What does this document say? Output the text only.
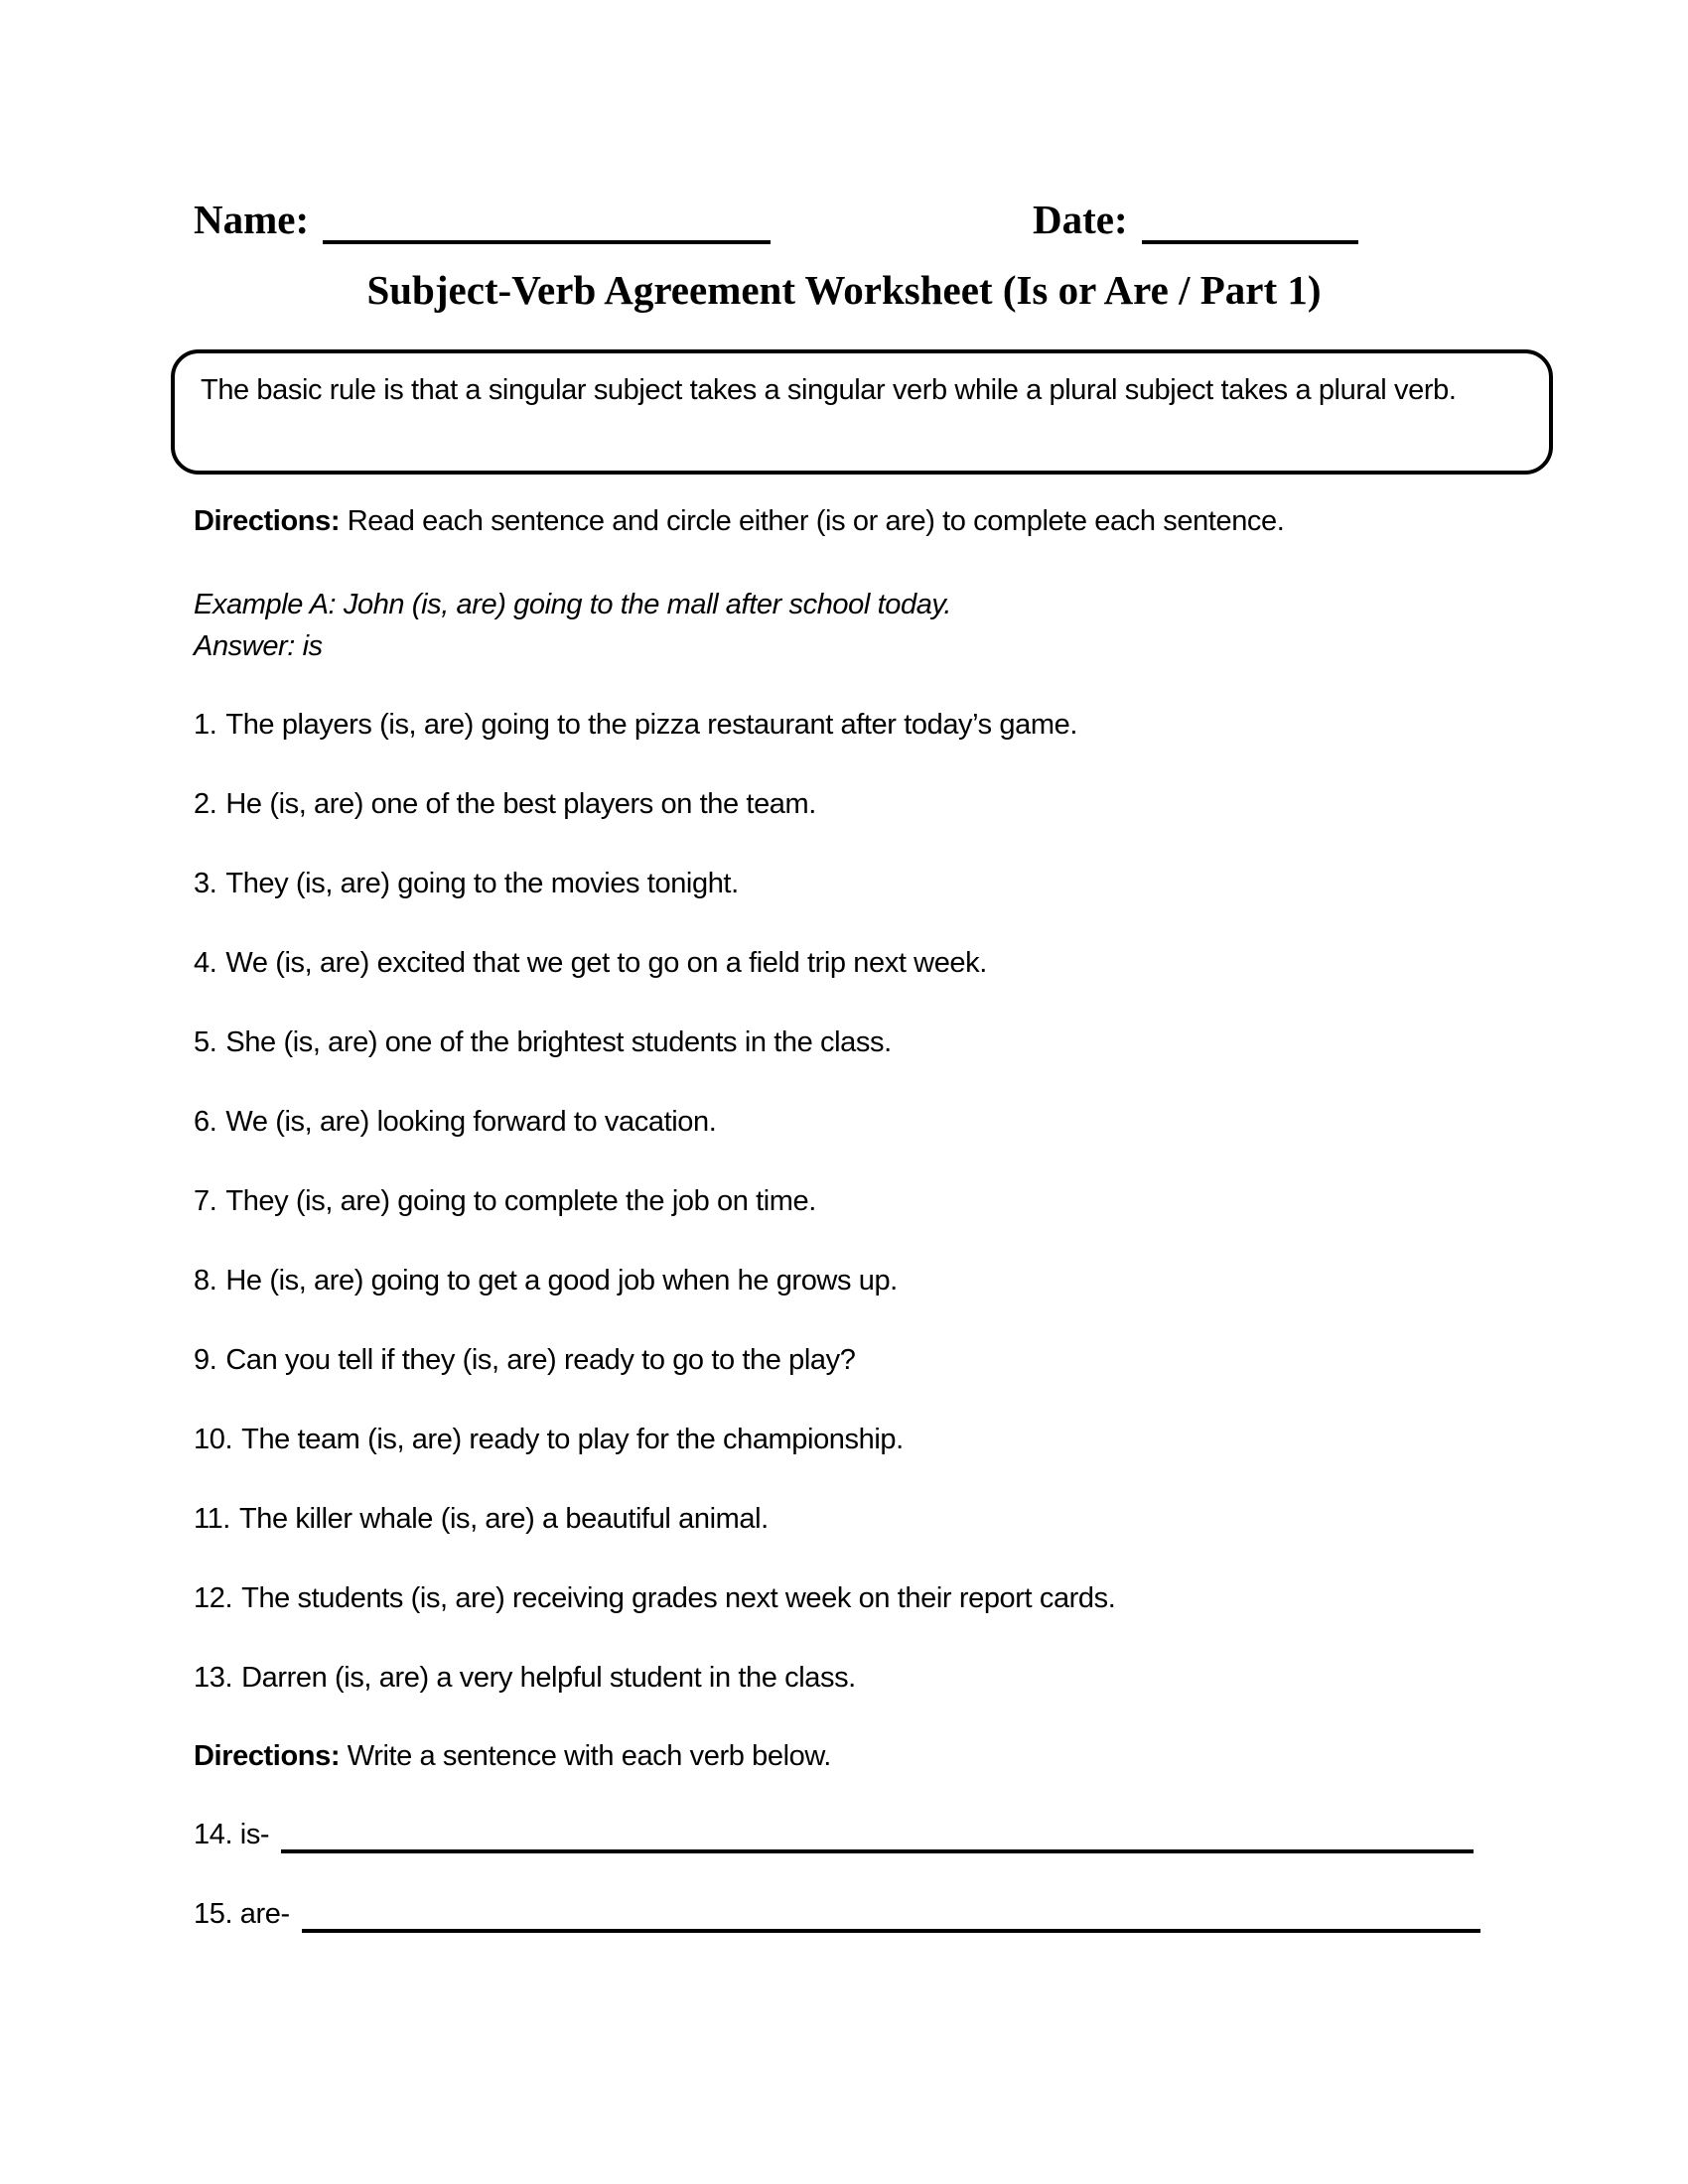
Name:	Date:
Subject-Verb Agreement Worksheet (Is or Are / Part 1)

The basic rule is that a singular subject takes a singular verb while a plural subject takes a plural verb.

Directions: Read each sentence and circle either (is or are) to complete each sentence.

Example A: John (is, are) going to the mall after school today.

Answer: is

1. The players (is, are) going to the pizza restaurant after today’s game.

2. He (is, are) one of the best players on the team.

3. They (is, are) going to the movies tonight.

4. We (is, are) excited that we get to go on a field trip next week.

5. She (is, are) one of the brightest students in the class.

6. We (is, are) looking forward to vacation.

7. They (is, are) going to complete the job on time.

8. He (is, are) going to get a good job when he grows up.

9. Can you tell if they (is, are) ready to go to the play?

10. The team (is, are) ready to play for the championship.

11. The killer whale (is, are) a beautiful animal.

12. The students (is, are) receiving grades next week on their report cards.

13. Darren (is, are) a very helpful student in the class.

Directions: Write a sentence with each verb below.

14. is-
15. are-
